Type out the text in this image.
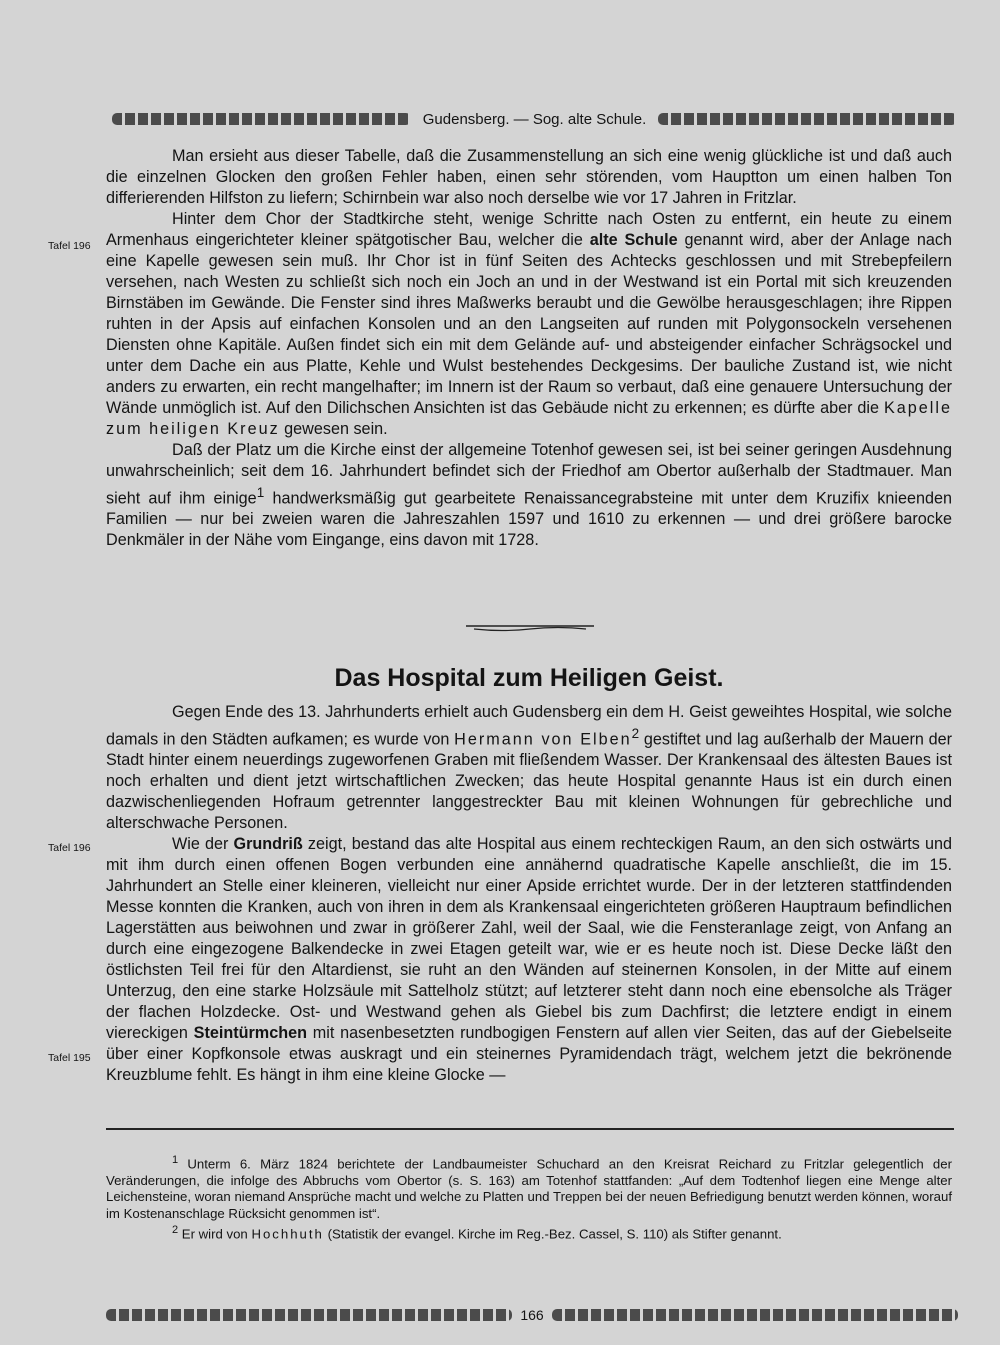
Gudensberg. — Sog. alte Schule.

Man ersieht aus dieser Tabelle, daß die Zusammenstellung an sich eine wenig glückliche ist und daß auch die einzelnen Glocken den großen Fehler haben, einen sehr störenden, vom Hauptton um einen halben Ton differierenden Hilfston zu liefern; Schirnbein war also noch derselbe wie vor 17 Jahren in Fritzlar.

Hinter dem Chor der Stadtkirche steht, wenige Schritte nach Osten zu entfernt, ein heute zu einem Armenhaus eingerichteter kleiner spätgotischer Bau, welcher die alte Schule genannt wird, aber der Anlage nach eine Kapelle gewesen sein muß. Ihr Chor ist in fünf Seiten des Achtecks geschlossen und mit Strebepfeilern versehen, nach Westen zu schließt sich noch ein Joch an und in der Westwand ist ein Portal mit sich kreuzenden Birnstäben im Gewände. Die Fenster sind ihres Maßwerks beraubt und die Gewölbe herausgeschlagen; ihre Rippen ruhten in der Apsis auf einfachen Konsolen und an den Langseiten auf runden mit Polygonsockeln versehenen Diensten ohne Kapitäle. Außen findet sich ein mit dem Gelände auf- und absteigender einfacher Schrägsockel und unter dem Dache ein aus Platte, Kehle und Wulst bestehendes Deckgesims. Der bauliche Zustand ist, wie nicht anders zu erwarten, ein recht mangelhafter; im Innern ist der Raum so verbaut, daß eine genauere Untersuchung der Wände unmöglich ist. Auf den Dilichschen Ansichten ist das Gebäude nicht zu erkennen; es dürfte aber die Kapelle zum heiligen Kreuz gewesen sein.

Daß der Platz um die Kirche einst der allgemeine Totenhof gewesen sei, ist bei seiner geringen Ausdehnung unwahrscheinlich; seit dem 16. Jahrhundert befindet sich der Friedhof am Obertor außerhalb der Stadtmauer. Man sieht auf ihm einige$^1$ handwerksmäßig gut gearbeitete Renaissancegrabsteine mit unter dem Kruzifix knieenden Familien — nur bei zweien waren die Jahreszahlen 1597 und 1610 zu erkennen — und drei größere barocke Denkmäler in der Nähe vom Eingange, eins davon mit 1728.

Tafel 196
Das Hospital zum Heiligen Geist.

Gegen Ende des 13. Jahrhunderts erhielt auch Gudensberg ein dem H. Geist geweihtes Hospital, wie solche damals in den Städten aufkamen; es wurde von Hermann von Elben$^2$ gestiftet und lag außerhalb der Mauern der Stadt hinter einem neuerdings zugeworfenen Graben mit fließendem Wasser. Der Krankensaal des ältesten Baues ist noch erhalten und dient jetzt wirtschaftlichen Zwecken; das heute Hospital genannte Haus ist ein durch einen dazwischenliegenden Hofraum getrennter langgestreckter Bau mit kleinen Wohnungen für gebrechliche und alterschwache Personen.

Wie der Grundriß zeigt, bestand das alte Hospital aus einem rechteckigen Raum, an den sich ostwärts und mit ihm durch einen offenen Bogen verbunden eine annähernd quadratische Kapelle anschließt, die im 15. Jahrhundert an Stelle einer kleineren, vielleicht nur einer Apside errichtet wurde. Der in der letzteren stattfindenden Messe konnten die Kranken, auch von ihren in dem als Krankensaal eingerichteten größeren Hauptraum befindlichen Lagerstätten aus beiwohnen und zwar in größerer Zahl, weil der Saal, wie die Fensteranlage zeigt, von Anfang an durch eine eingezogene Balkendecke in zwei Etagen geteilt war, wie er es heute noch ist. Diese Decke läßt den östlichsten Teil frei für den Altardienst, sie ruht an den Wänden auf steinernen Konsolen, in der Mitte auf einem Unterzug, den eine starke Holzsäule mit Sattelholz stützt; auf letzterer steht dann noch eine ebensolche als Träger der flachen Holzdecke. Ost- und Westwand gehen als Giebel bis zum Dachfirst; die letztere endigt in einem viereckigen Steintürmchen mit nasenbesetzten rundbogigen Fenstern auf allen vier Seiten, das auf der Giebelseite über einer Kopfkonsole etwas auskragt und ein steinernes Pyramidendach trägt, welchem jetzt die bekrönende Kreuzblume fehlt. Es hängt in ihm eine kleine Glocke —

Tafel 196
Tafel 195

$^1$ Unterm 6. März 1824 berichtete der Landbaumeister Schuchard an den Kreisrat Reichard zu Fritzlar gelegentlich der Veränderungen, die infolge des Abbruchs vom Obertor (s. S. 163) am Totenhof stattfanden: „Auf dem Todtenhof liegen eine Menge alter Leichensteine, woran niemand Ansprüche macht und welche zu Platten und Treppen bei der neuen Befriedigung benutzt werden können, worauf im Kostenanschlage Rücksicht genommen ist“.

$^2$ Er wird von Hochhuth (Statistik der evangel. Kirche im Reg.-Bez. Cassel, S. 110) als Stifter genannt.

166
